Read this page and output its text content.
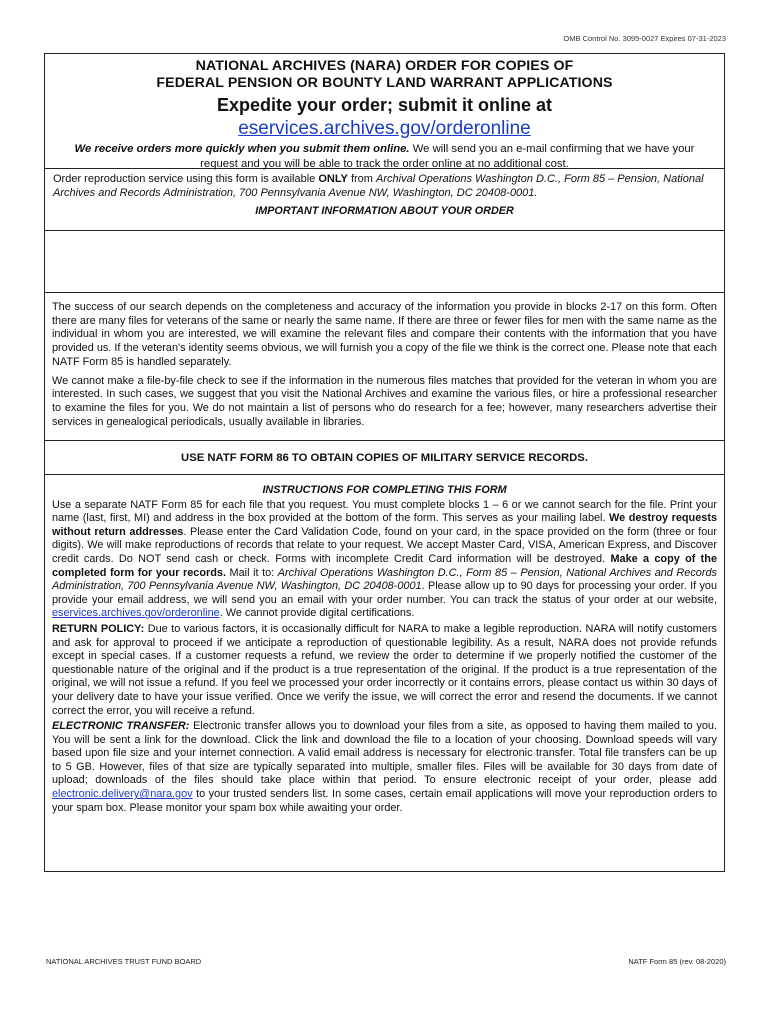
OMB Control No. 3095-0027 Expires 07-31-2023
NATIONAL ARCHIVES (NARA) ORDER FOR COPIES OF
FEDERAL PENSION OR BOUNTY LAND WARRANT APPLICATIONS
Expedite your order; submit it online at
eservices.archives.gov/orderonline
We receive orders more quickly when you submit them online. We will send you an e-mail confirming that we have your request and you will be able to track the order online at no additional cost.
Order reproduction service using this form is available ONLY from Archival Operations Washington D.C., Form 85 – Pension, National Archives and Records Administration, 700 Pennsylvania Avenue NW, Washington, DC 20408-0001.
IMPORTANT INFORMATION ABOUT YOUR ORDER

The success of our search depends on the completeness and accuracy of the information you provide in blocks 2-17 on this form. Often there are many files for veterans of the same or nearly the same name. If there are three or fewer files for men with the same name as the individual in whom you are interested, we will examine the relevant files and compare their contents with the information that you have provided us. If the veteran's identity seems obvious, we will furnish you a copy of the file we think is the correct one. Please note that each NATF Form 85 is handled separately.

We cannot make a file-by-file check to see if the information in the numerous files matches that provided for the veteran in whom you are interested. In such cases, we suggest that you visit the National Archives and examine the various files, or hire a professional researcher to examine the files for you. We do not maintain a list of persons who do research for a fee; however, many researchers advertise their services in genealogical periodicals, usually available in libraries.

USE NATF FORM 86 TO OBTAIN COPIES OF MILITARY SERVICE RECORDS.
INSTRUCTIONS FOR COMPLETING THIS FORM

Use a separate NATF Form 85 for each file that you request. You must complete blocks 1 – 6 or we cannot search for the file. Print your name (last, first, MI) and address in the box provided at the bottom of the form. This serves as your mailing label. We destroy requests without return addresses. Please enter the Card Validation Code, found on your card, in the space provided on the form (three or four digits). We will make reproductions of records that relate to your request. We accept Master Card, VISA, American Express, and Discover credit cards. Do NOT send cash or check. Forms with incomplete Credit Card information will be destroyed. Make a copy of the completed form for your records. Mail it to: Archival Operations Washington D.C., Form 85 – Pension, National Archives and Records Administration, 700 Pennsylvania Avenue NW, Washington, DC 20408-0001. Please allow up to 90 days for processing your order. If you provide your email address, we will send you an email with your order number. You can track the status of your order at our website, eservices.archives.gov/orderonline. We cannot provide digital certifications.

RETURN POLICY: Due to various factors, it is occasionally difficult for NARA to make a legible reproduction. NARA will notify customers and ask for approval to proceed if we anticipate a reproduction of questionable legibility. As a result, NARA does not provide refunds except in special cases. If a customer requests a refund, we review the order to determine if we properly notified the customer of the questionable nature of the original and if the product is a true representation of the original. If the product is a true representation of the original, we will not issue a refund. If you feel we processed your order incorrectly or it contains errors, please contact us within 30 days of your delivery date to have your issue verified. Once we verify the issue, we will correct the error and resend the documents. If we cannot correct the error, you will receive a refund.

ELECTRONIC TRANSFER: Electronic transfer allows you to download your files from a site, as opposed to having them mailed to you. You will be sent a link for the download. Click the link and download the file to a location of your choosing. Download speeds will vary based upon file size and your internet connection. A valid email address is necessary for electronic transfer. Total file transfers can be up to 5 GB. However, files of that size are typically separated into multiple, smaller files. Files will be available for 30 days from date of upload; downloads of the files should take place within that period. To ensure electronic receipt of your order, please add electronic.delivery@nara.gov to your trusted senders list. In some cases, certain email applications will move your reproduction orders to your spam box. Please monitor your spam box while awaiting your order.

NATIONAL ARCHIVES TRUST FUND BOARD	NATF Form 85 (rev. 08-2020)
